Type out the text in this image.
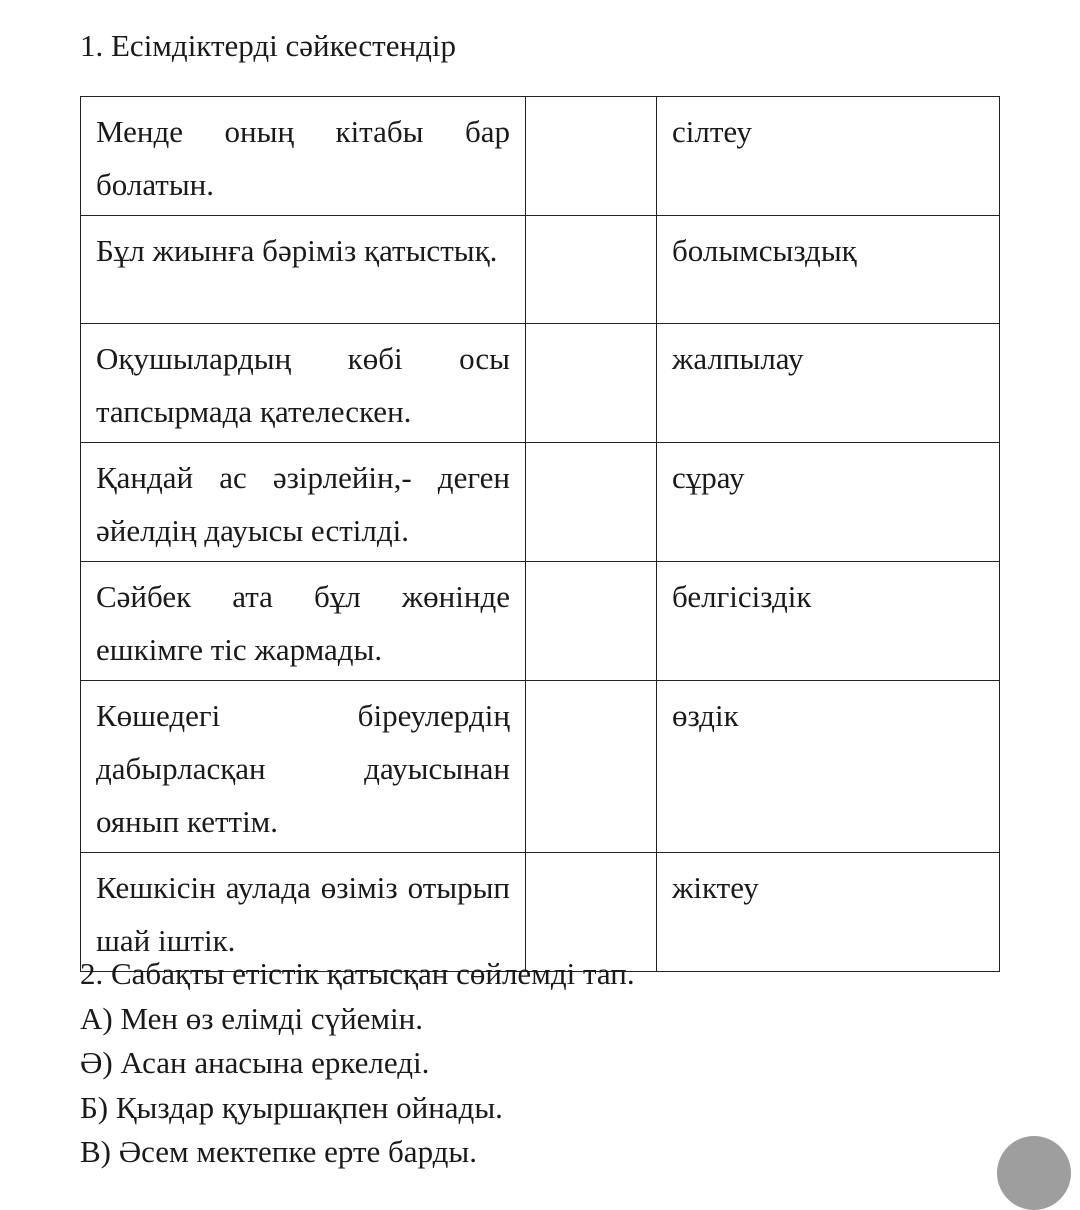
1. Есімдіктерді сәйкестендір
Менде оның кітабы бар болатын.		сілтеу
Бұл жиынға бәріміз қатыстық.		болымсыздық
Оқушылардың көбі осы тапсырмада қателескен.		жалпылау
Қандай ас әзірлейін,- деген әйелдің дауысы естілді.		сұрау
Сәйбек ата бұл жөнінде ешкімге тіс жармады.		белгісіздік
Көшедегі біреулердің дабырласқан дауысынан оянып кеттім.		өздік
Кешкісін аулада өзіміз отырып шай іштік.		жіктеу

2. Сабақты етістік қатысқан сөйлемді тап.

А) Мен өз елімді сүйемін.

Ә) Асан анасына еркеледі.

Б) Қыздар қуыршақпен ойнады.

В) Әсем мектепке ерте барды.
